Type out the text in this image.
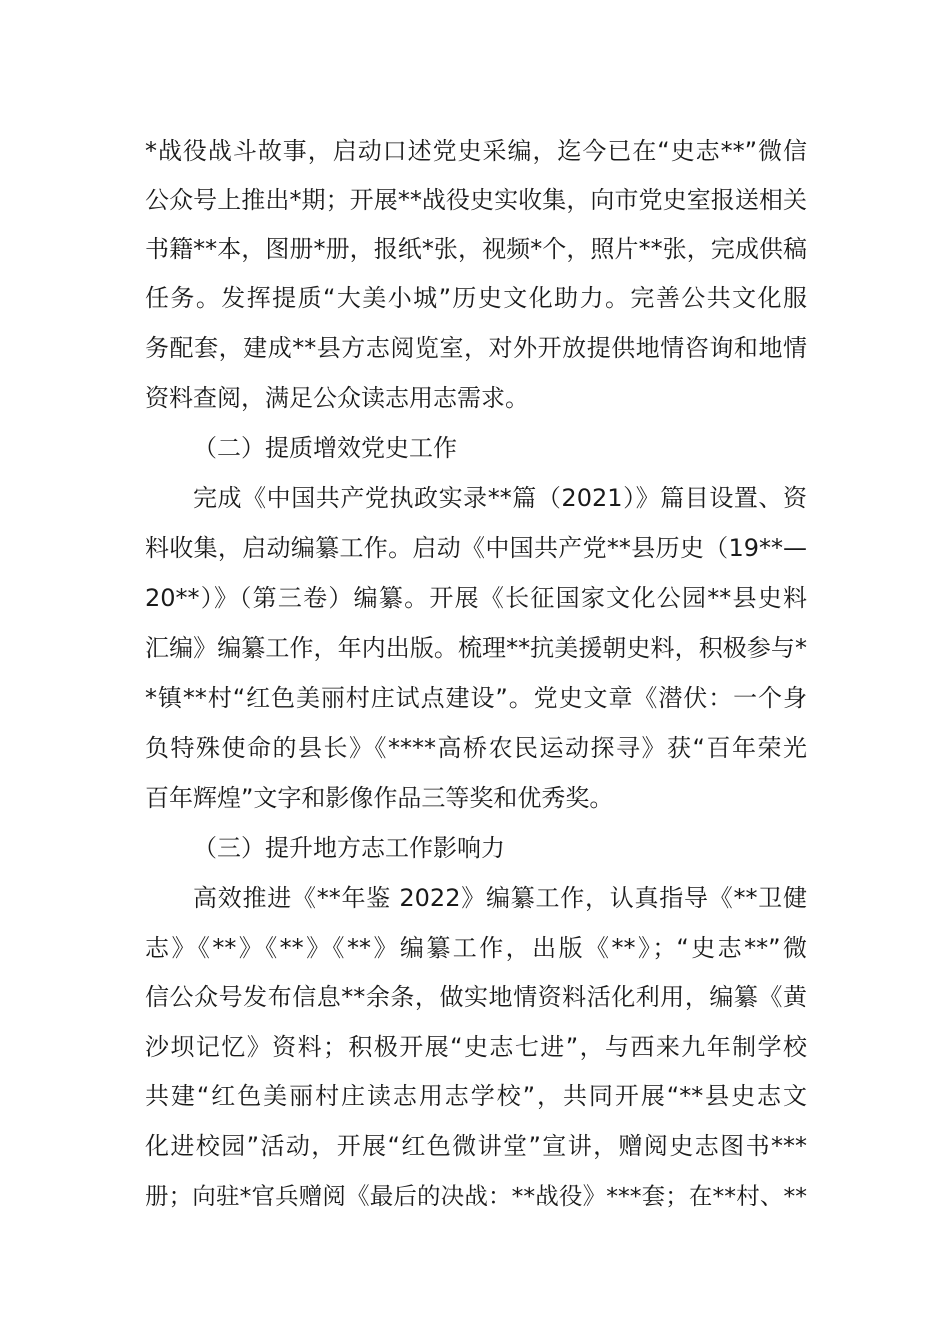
*战役战斗故事，启动口述党史采编，迄今已在“史志**”微信
公众号上推出*期；开展**战役史实收集，向市党史室报送相关
书籍**本，图册*册，报纸*张，视频*个，照片**张，完成供稿
任务。发挥提质“大美小城”历史文化助力。完善公共文化服
务配套，建成**县方志阅览室，对外开放提供地情咨询和地情
资料查阅，满足公众读志用志需求。
（二）提质增效党史工作
完成《中国共产党执政实录**篇（2021）》篇目设置、资
料收集，启动编纂工作。启动《中国共产党**县历史（19**—
20**）》（第三卷）编纂。开展《长征国家文化公园**县史料
汇编》编纂工作，年内出版。梳理**抗美援朝史料，积极参与*
*镇**村“红色美丽村庄试点建设”。党史文章《潜伏：一个身
负特殊使命的县长》《****高桥农民运动探寻》获“百年荣光
百年辉煌”文字和影像作品三等奖和优秀奖。
（三）提升地方志工作影响力
高效推进《**年鉴 2022》编纂工作，认真指导《**卫健
志》《**》《**》《**》编纂工作，出版《**》；“史志**”微
信公众号发布信息**余条，做实地情资料活化利用，编纂《黄
沙坝记忆》资料；积极开展“史志七进”，与西来九年制学校
共建“红色美丽村庄读志用志学校”，共同开展“**县史志文
化进校园”活动，开展“红色微讲堂”宣讲，赠阅史志图书***
册；向驻*官兵赠阅《最后的决战：**战役》***套；在**村、**
